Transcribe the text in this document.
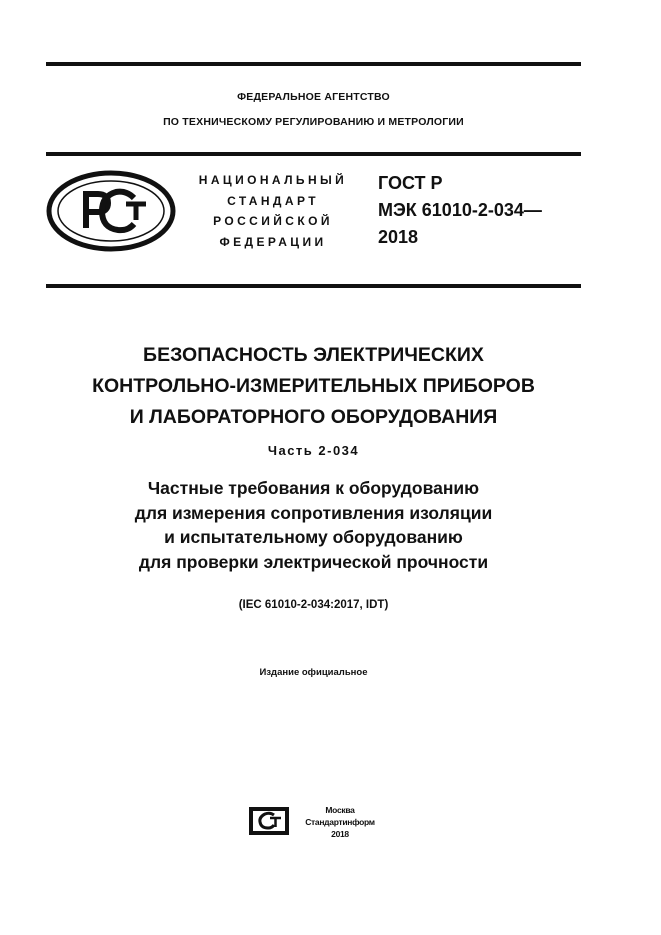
ФЕДЕРАЛЬНОЕ АГЕНТСТВО
ПО ТЕХНИЧЕСКОМУ РЕГУЛИРОВАНИЮ И МЕТРОЛОГИИ
НАЦИОНАЛЬНЫЙ
СТАНДАРТ
РОССИЙСКОЙ
ФЕДЕРАЦИИ
ГОСТ Р
МЭК 61010-2-034—
2018
БЕЗОПАСНОСТЬ ЭЛЕКТРИЧЕСКИХ
КОНТРОЛЬНО-ИЗМЕРИТЕЛЬНЫХ ПРИБОРОВ
И ЛАБОРАТОРНОГО ОБОРУДОВАНИЯ
Часть 2-034
Частные требования к оборудованию
для измерения сопротивления изоляции
и испытательному оборудованию
для проверки электрической прочности
(IEC 61010-2-034:2017, IDT)
Издание официальное
Москва
Стандартинформ
2018
